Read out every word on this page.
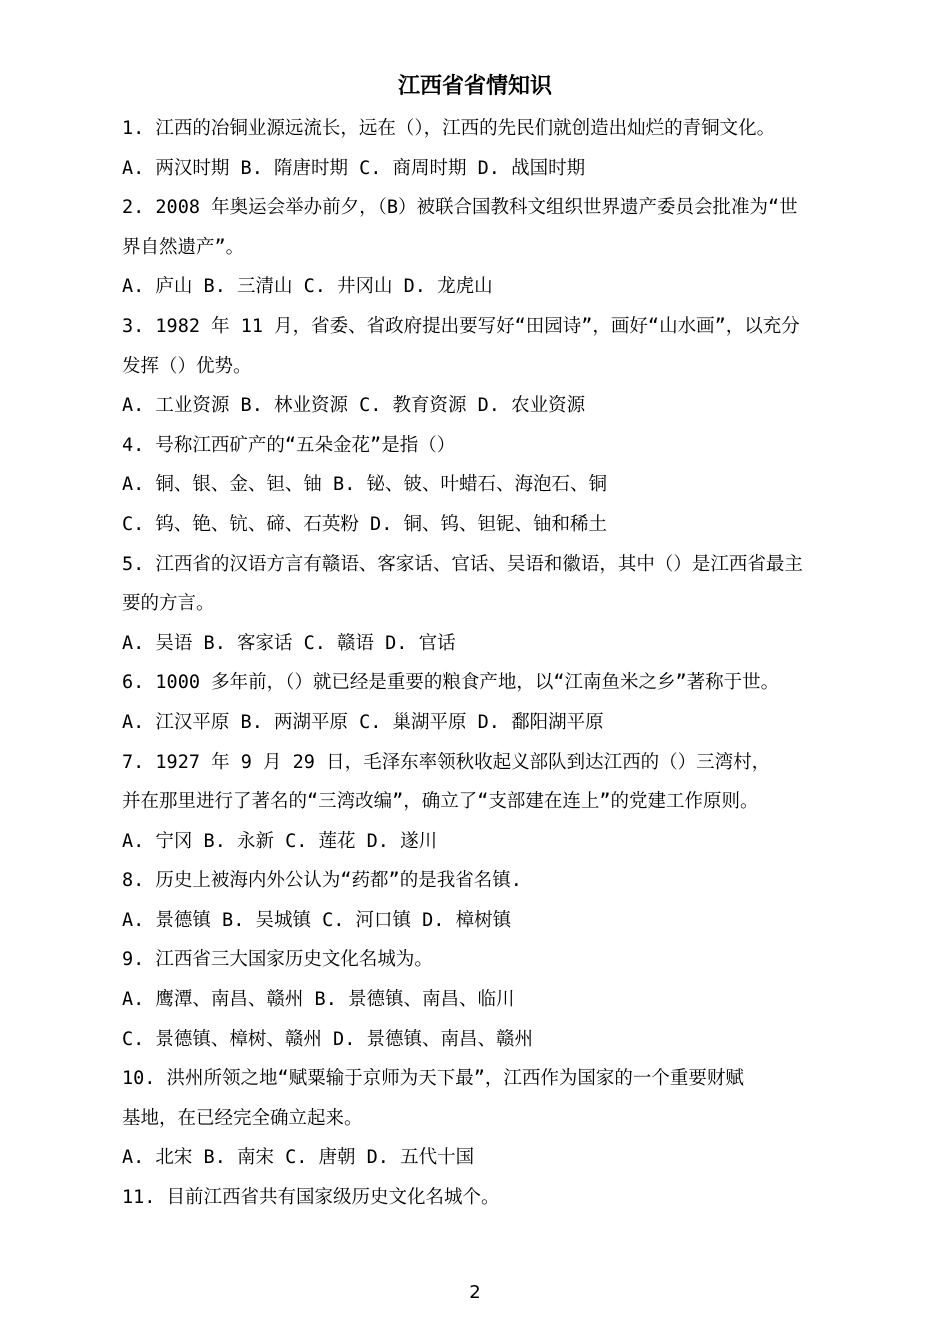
江西省省情知识
1. 江西的冶铜业源远流长，远在（），江西的先民们就创造出灿烂的青铜文化。
A. 两汉时期 B. 隋唐时期 C. 商周时期 D. 战国时期
2. 2008 年奥运会举办前夕，（B）被联合国教科文组织世界遗产委员会批准为“世
界自然遗产”。
A. 庐山 B. 三清山 C. 井冈山 D. 龙虎山
3. 1982 年 11 月，省委、省政府提出要写好“田园诗”，画好“山水画”，以充分
发挥（）优势。
A. 工业资源 B. 林业资源 C. 教育资源 D. 农业资源
4. 号称江西矿产的“五朵金花”是指（）
A. 铜、银、金、钽、铀 B. 铋、铍、叶蜡石、海泡石、铜
C. 钨、铯、钪、碲、石英粉 D. 铜、钨、钽铌、铀和稀土
5. 江西省的汉语方言有赣语、客家话、官话、吴语和徽语，其中（）是江西省最主
要的方言。
A. 吴语 B. 客家话 C. 赣语 D. 官话
6. 1000 多年前，（）就已经是重要的粮食产地，以“江南鱼米之乡”著称于世。
A. 江汉平原 B. 两湖平原 C. 巢湖平原 D. 鄱阳湖平原
7. 1927 年 9 月 29 日，毛泽东率领秋收起义部队到达江西的（）三湾村，
并在那里进行了著名的“三湾改编”，确立了“支部建在连上”的党建工作原则。
A. 宁冈 B. 永新 C. 莲花 D. 遂川
8. 历史上被海内外公认为“药都”的是我省名镇.
A. 景德镇 B. 吴城镇 C. 河口镇 D. 樟树镇
9. 江西省三大国家历史文化名城为。
A. 鹰潭、南昌、赣州 B. 景德镇、南昌、临川
C. 景德镇、樟树、赣州 D. 景德镇、南昌、赣州
10. 洪州所领之地“赋粟输于京师为天下最”，江西作为国家的一个重要财赋
基地，在已经完全确立起来。
A. 北宋 B. 南宋 C. 唐朝 D. 五代十国
11. 目前江西省共有国家级历史文化名城个。
2
